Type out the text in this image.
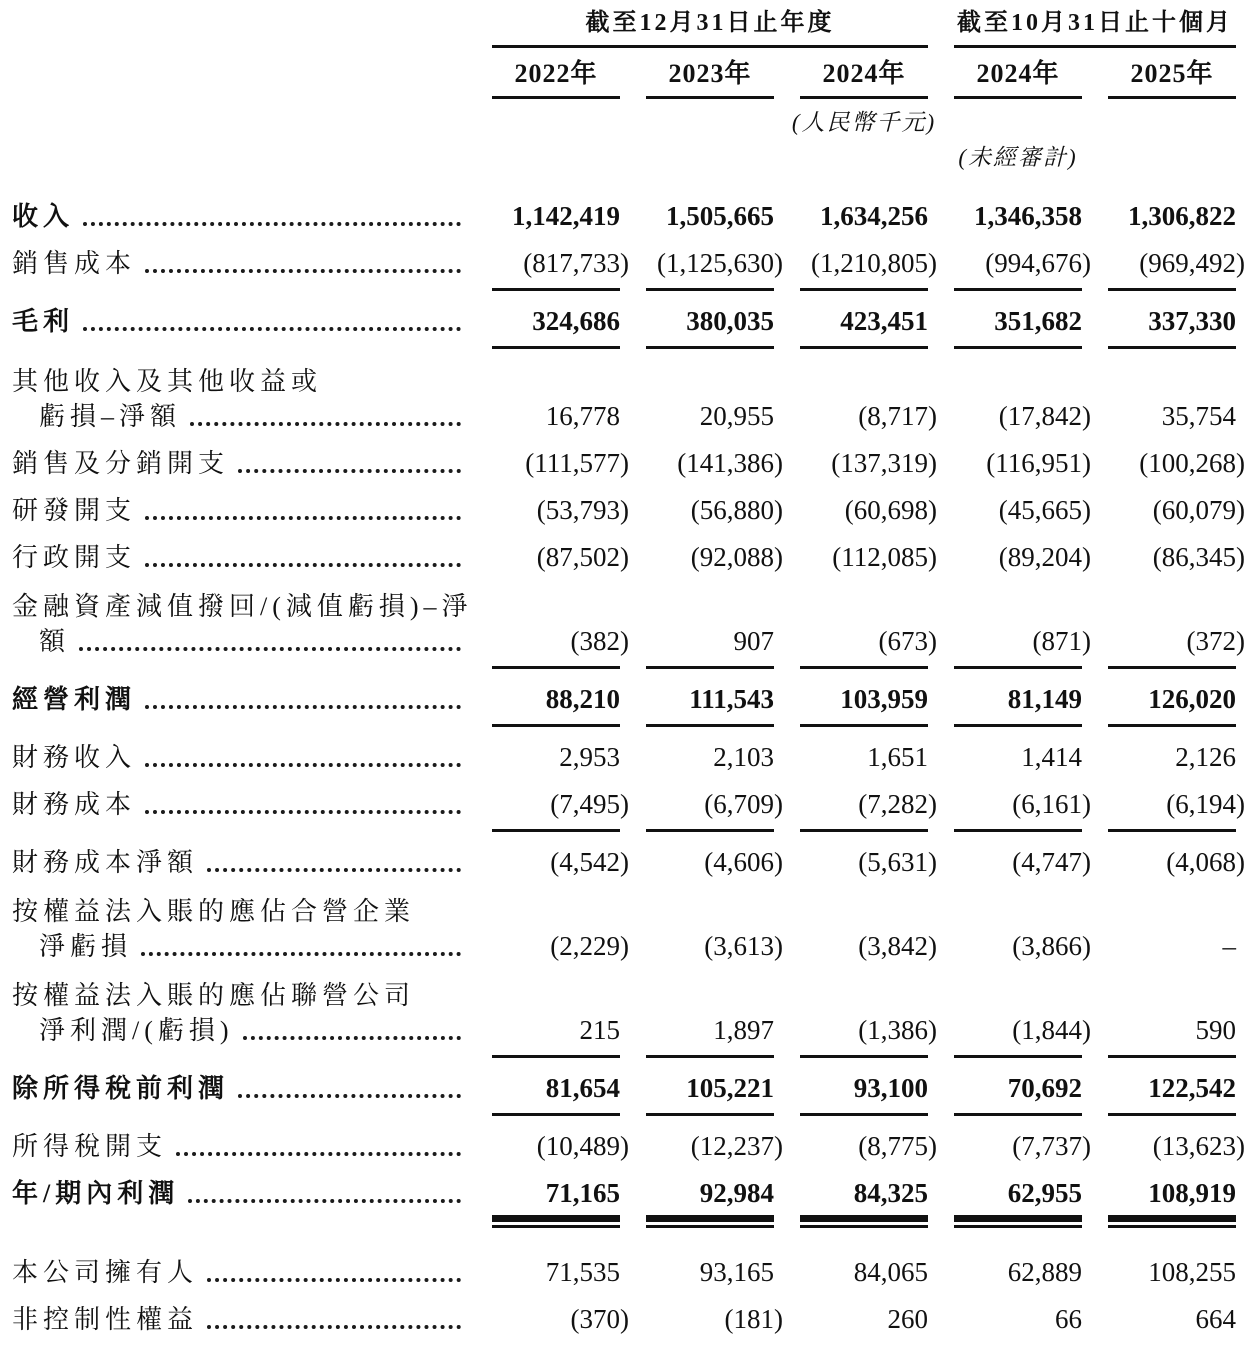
截至12月31日止年度	截至10月31日止十個月
2022年	2023年	2024年	2024年	2025年
(人民幣千元)
(未經審計)
收入	1,142,419	1,505,665	1,634,256	1,346,358	1,306,822
銷售成本	(817,733)	(1,125,630)	(1,210,805)	(994,676)	(969,492)
毛利	324,686	380,035	423,451	351,682	337,330
其他收入及其他收益或
虧損–淨額	16,778	20,955	(8,717)	(17,842)	35,754
銷售及分銷開支	(111,577)	(141,386)	(137,319)	(116,951)	(100,268)
研發開支	(53,793)	(56,880)	(60,698)	(45,665)	(60,079)
行政開支	(87,502)	(92,088)	(112,085)	(89,204)	(86,345)
金融資產減值撥回/(減值虧損)–淨
額	(382)	907	(673)	(871)	(372)
經營利潤	88,210	111,543	103,959	81,149	126,020
財務收入	2,953	2,103	1,651	1,414	2,126
財務成本	(7,495)	(6,709)	(7,282)	(6,161)	(6,194)
財務成本淨額	(4,542)	(4,606)	(5,631)	(4,747)	(4,068)
按權益法入賬的應佔合營企業
淨虧損	(2,229)	(3,613)	(3,842)	(3,866)	–
按權益法入賬的應佔聯營公司
淨利潤/(虧損)	215	1,897	(1,386)	(1,844)	590
除所得稅前利潤	81,654	105,221	93,100	70,692	122,542
所得稅開支	(10,489)	(12,237)	(8,775)	(7,737)	(13,623)
年/期內利潤	71,165	92,984	84,325	62,955	108,919
本公司擁有人	71,535	93,165	84,065	62,889	108,255
非控制性權益	(370)	(181)	260	66	664
